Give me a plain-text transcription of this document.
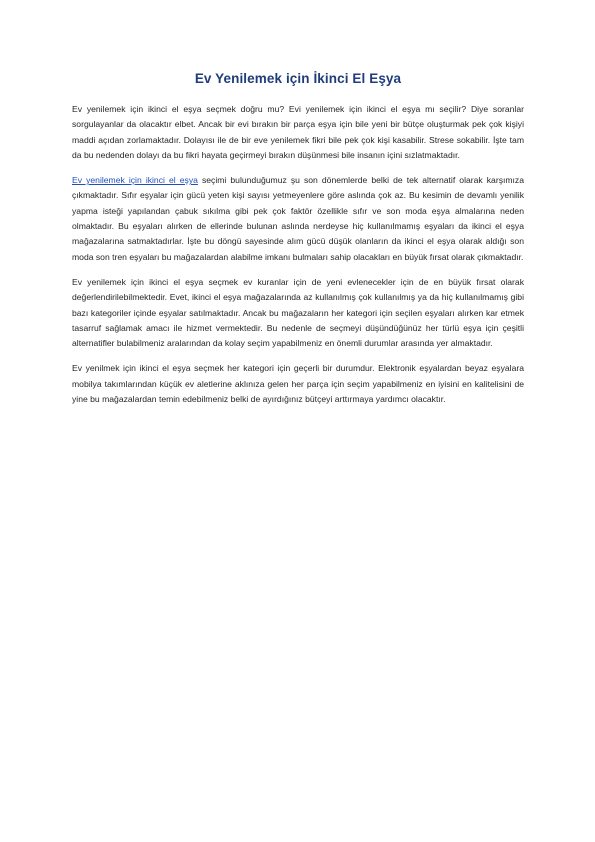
Ev Yenilemek için İkinci El Eşya

Ev yenilemek için ikinci el eşya seçmek doğru mu? Evi yenilemek için ikinci el eşya mı seçilir? Diye soranlar sorgulayanlar da olacaktır elbet. Ancak bir evi bırakın bir parça eşya için bile yeni bir bütçe oluşturmak pek çok kişiyi maddi açıdan zorlamaktadır. Dolayısı ile de bir eve yenilemek fikri bile pek çok kişi kasabilir. Strese sokabilir. İşte tam da bu nedenden dolayı da bu fikri hayata geçirmeyi bırakın düşünmesi bile insanın içini sızlatmaktadır.

Ev yenilemek için ikinci el eşya seçimi bulunduğumuz şu son dönemlerde belki de tek alternatif olarak karşımıza çıkmaktadır. Sıfır eşyalar için gücü yeten kişi sayısı yetmeyenlere göre aslında çok az. Bu kesimin de devamlı yenilik yapma isteği yapılandan çabuk sıkılma gibi pek çok faktör özellikle sıfır ve son moda eşya almalarına neden olmaktadır. Bu eşyaları alırken de ellerinde bulunan aslında nerdeyse hiç kullanılmamış eşyaları da ikinci el eşya mağazalarına satmaktadırlar. İşte bu döngü sayesinde alım gücü düşük olanların da ikinci el eşya olarak aldığı son moda son tren eşyaları bu mağazalardan alabilme imkanı bulmaları sahip olacakları en büyük fırsat olarak çıkmaktadır.

Ev yenilemek için ikinci el eşya seçmek ev kuranlar için de yeni evlenecekler için de en büyük fırsat olarak değerlendirilebilmektedir. Evet, ikinci el eşya mağazalarında az kullanılmış çok kullanılmış ya da hiç kullanılmamış gibi bazı kategoriler içinde eşyalar satılmaktadır. Ancak bu mağazaların her kategori için seçilen eşyaları alırken kar etmek tasarruf sağlamak amacı ile hizmet vermektedir. Bu nedenle de seçmeyi düşündüğünüz her türlü eşya için çeşitli alternatifler bulabilmeniz aralarından da kolay seçim yapabilmeniz en önemli durumlar arasında yer almaktadır.

Ev yenilmek için ikinci el eşya seçmek her kategori için geçerli bir durumdur. Elektronik eşyalardan beyaz eşyalara mobilya takımlarından küçük ev aletlerine aklınıza gelen her parça için seçim yapabilmeniz en iyisini en kalitelisini de yine bu mağazalardan temin edebilmeniz belki de ayırdığınız bütçeyi arttırmaya yardımcı olacaktır.
